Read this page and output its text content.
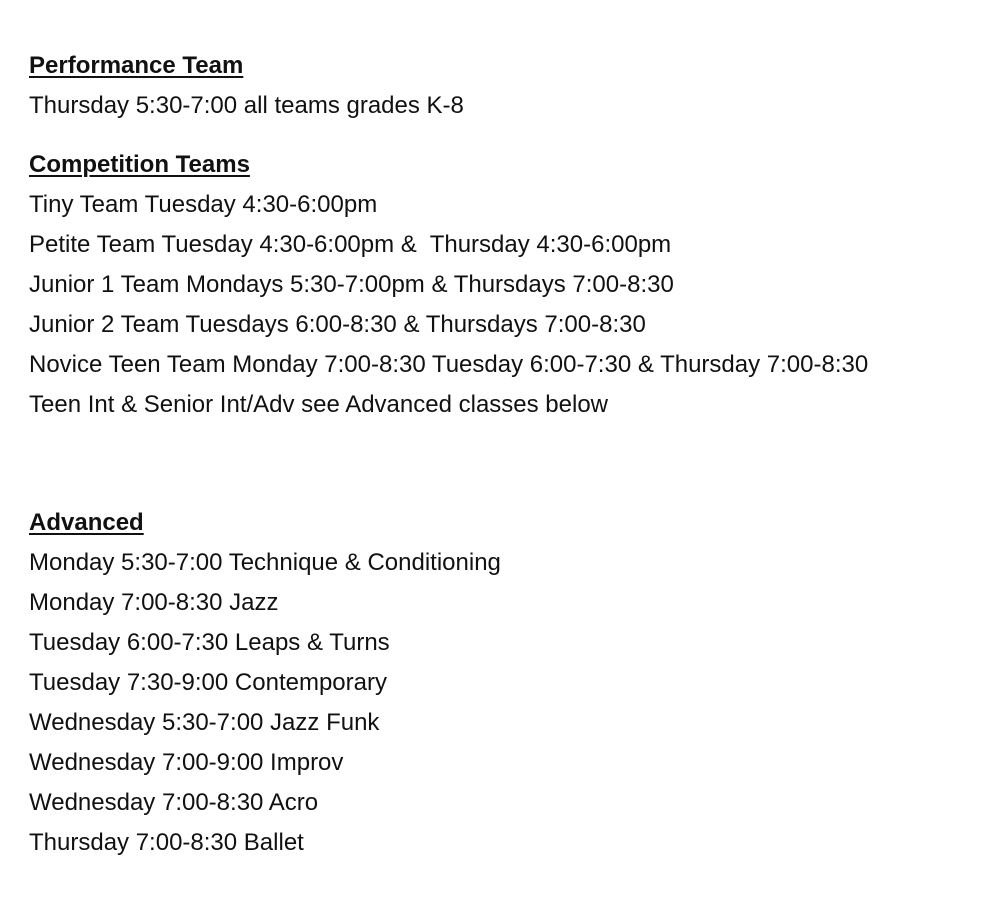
Performance Team
Thursday 5:30-7:00 all teams grades K-8
Competition Teams
Tiny Team Tuesday 4:30-6:00pm
Petite Team Tuesday 4:30-6:00pm &  Thursday 4:30-6:00pm
Junior 1 Team Mondays 5:30-7:00pm & Thursdays 7:00-8:30
Junior 2 Team Tuesdays 6:00-8:30 & Thursdays 7:00-8:30
Novice Teen Team Monday 7:00-8:30 Tuesday 6:00-7:30 & Thursday 7:00-8:30
Teen Int & Senior Int/Adv see Advanced classes below
Advanced
Monday 5:30-7:00 Technique & Conditioning
Monday 7:00-8:30 Jazz
Tuesday 6:00-7:30 Leaps & Turns
Tuesday 7:30-9:00 Contemporary
Wednesday 5:30-7:00 Jazz Funk
Wednesday 7:00-9:00 Improv
Wednesday 7:00-8:30 Acro
Thursday 7:00-8:30 Ballet
